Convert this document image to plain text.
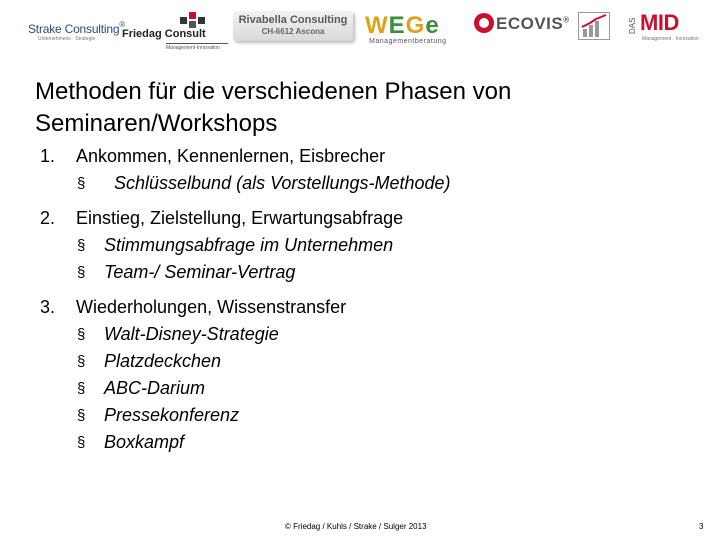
Strake Consulting®
Unternehmens · Strategie Friedag Consult
Management-Innovation
Rivabella Consulting
CH-6612 Ascona	WEGe
Managementberatung
ECOVIS®	DAS MID
Management · Innovation
Methoden für die verschiedenen Phasen von Seminaren/Workshops
1. Ankommen, Kennenlernen, Eisbrecher
§ Schlüsselbund (als Vorstellungs-Methode)
2. Einstieg, Zielstellung, Erwartungsabfrage
§ Stimmungsabfrage im Unternehmen
§ Team-/ Seminar-Vertrag
3. Wiederholungen, Wissenstransfer
§ Walt-Disney-Strategie
§ Platzdeckchen
§ ABC-Darium
§ Pressekonferenz
§ Boxkampf
© Friedag / Kuhls / Strake / Sulger 2013	3
